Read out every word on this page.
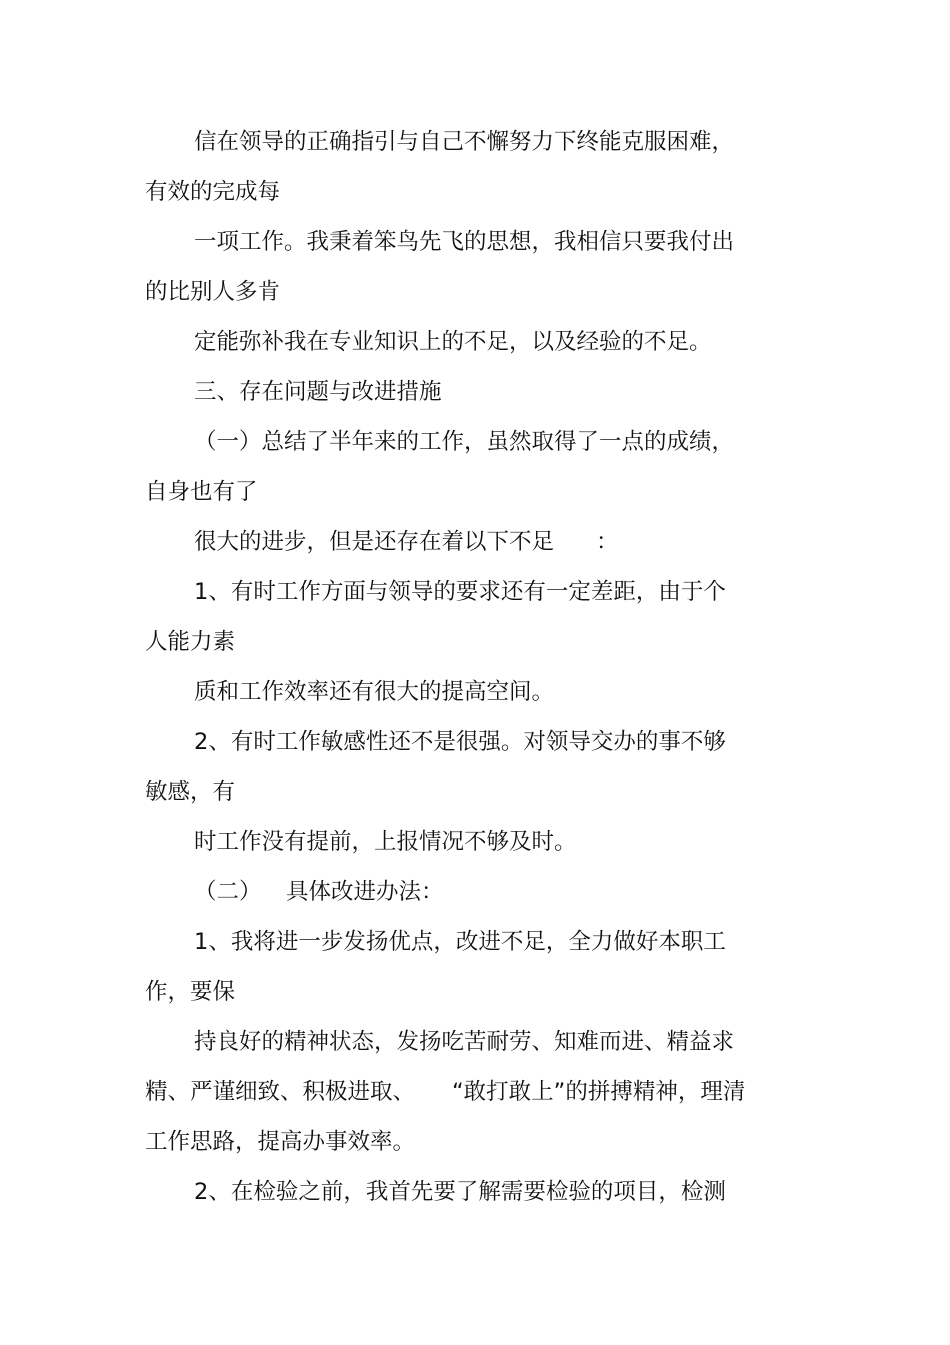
信在领导的正确指引与自己不懈努力下终能克服困难，
有效的完成每
一项工作。我秉着笨鸟先飞的思想，我相信只要我付出
的比别人多肯
定能弥补我在专业知识上的不足，以及经验的不足。
三、存在问题与改进措施
（一）总结了半年来的工作，虽然取得了一点的成绩，
自身也有了
很大的进步，但是还存在着以下不足 ：
1、有时工作方面与领导的要求还有一定差距，由于个
人能力素
质和工作效率还有很大的提高空间。
2、有时工作敏感性还不是很强。对领导交办的事不够
敏感，有
时工作没有提前，上报情况不够及时。
（二） 具体改进办法：
1、我将进一步发扬优点，改进不足，全力做好本职工
作，要保
持良好的精神状态，发扬吃苦耐劳、知难而进、精益求
精、严谨细致、积极进取、 “敢打敢上”的拼搏精神，理清
工作思路，提高办事效率。
2、在检验之前，我首先要了解需要检验的项目，检测
